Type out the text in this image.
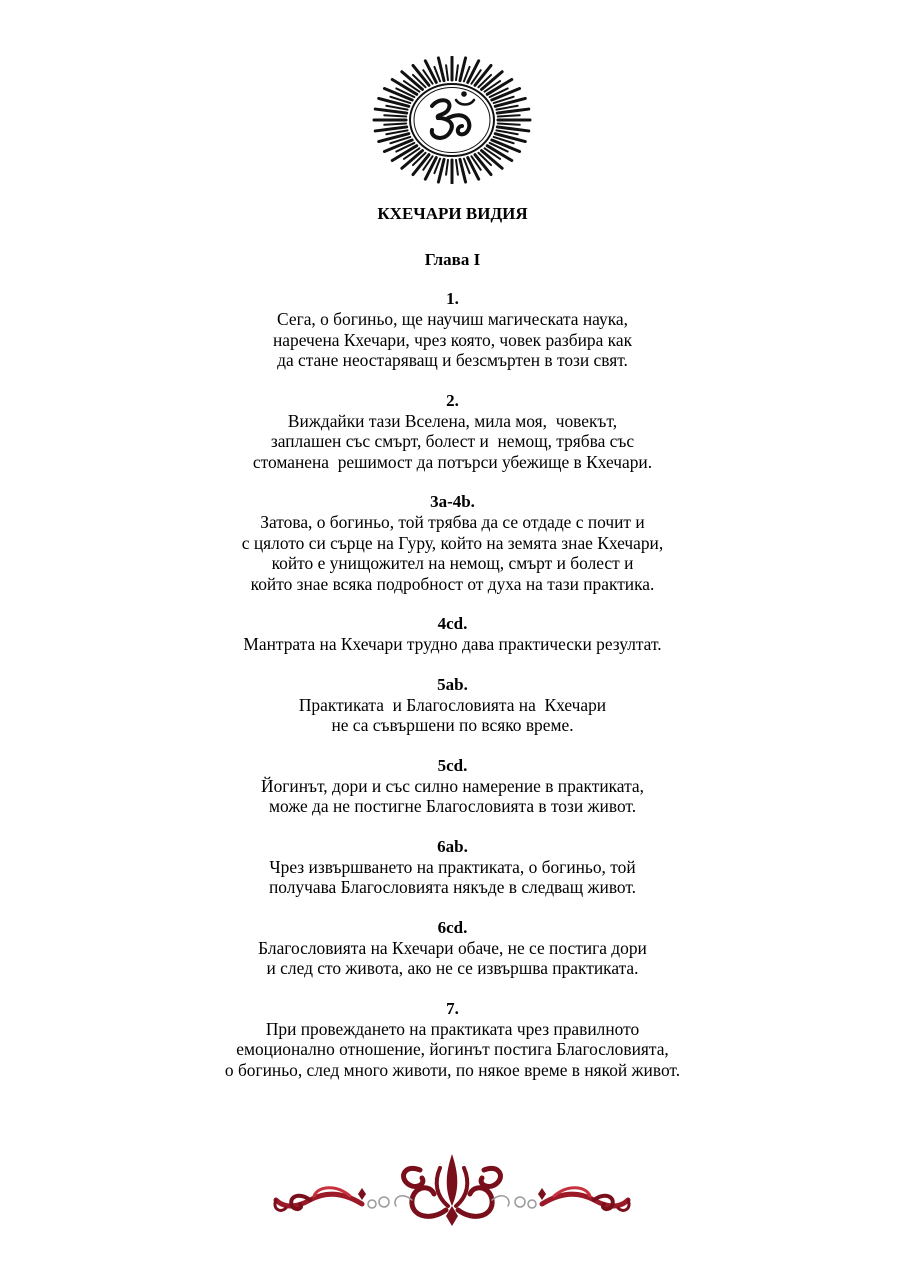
КХЕЧАРИ ВИДИЯ
Глава I
1.
Сега, о богиньо, ще научиш магическата наука,
наречена Кхечари, чрез която, човек разбира как
да стане неостаряващ и безсмъртен в този свят.
2.
Виждайки тази Вселена, мила моя,  човекът,
заплашен със смърт, болест и  немощ, трябва със
стоманена  решимост да потърси убежище в Кхечари.
3a-4b.
Затова, о богиньо, той трябва да се отдаде с почит и
с цялото си сърце на Гуру, който на земята знае Кхечари,
който е унищожител на немощ, смърт и болест и
който знае всяка подробност от духа на тази практика.
4cd.
Мантрата на Кхечари трудно дава практически резултат.
5ab.
Практиката  и Благословията на  Кхечари
не са съвършени по всяко време.
5cd.
Йогинът, дори и със силно намерение в практиката,
може да не постигне Благословията в този живот.
6ab.
Чрез извършването на практиката, о богиньо, той
получава Благословията някъде в следващ живот.
6cd.
Благословията на Кхечари обаче, не се постига дори
и след сто живота, ако не се извършва практиката.
7.
При провеждането на практиката чрез правилното
емоционално отношение, йогинът постига Благословията,
о богиньо, след много животи, по някое време в някой живот.
